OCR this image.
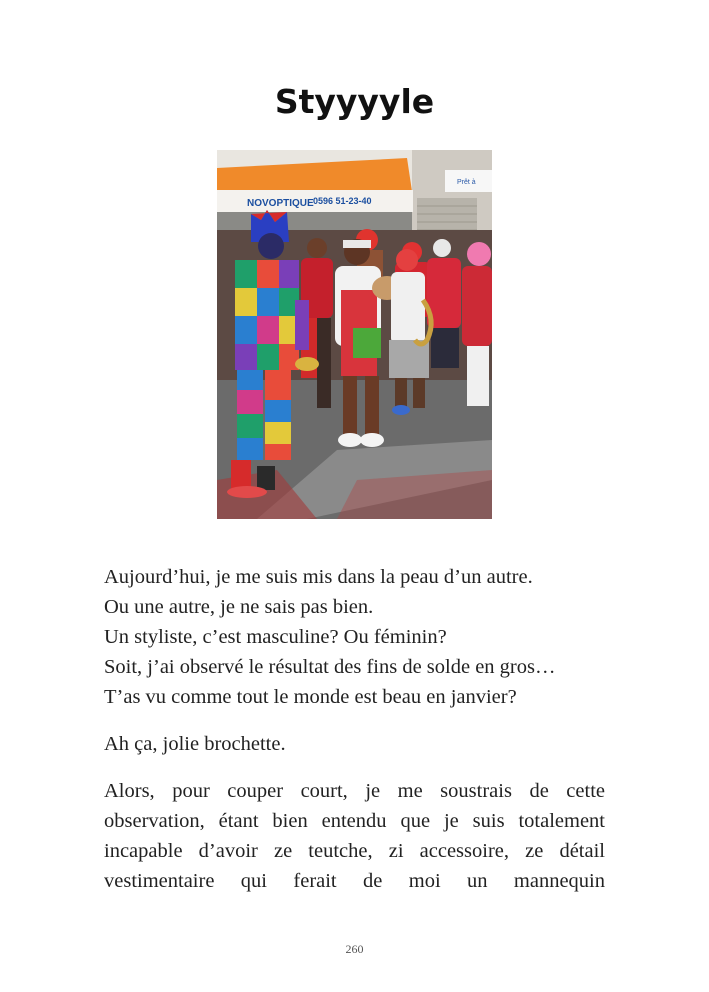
Styyyyle
NOVOPTIQUE 0596 51-23-40
Prêt à

Aujourd’hui, je me suis mis dans la peau d’un autre.
Ou une autre, je ne sais pas bien.
Un styliste, c’est masculine? Ou féminin?
Soit, j’ai observé le résultat des fins de solde en gros…
T’as vu comme tout le monde est beau en janvier?

Ah ça, jolie brochette.

Alors, pour couper court, je me soustrais de cette observation, étant bien entendu que je suis totalement incapable d’avoir ze teutche, zi accessoire, ze détail vestimentaire qui ferait de moi un mannequin

260
